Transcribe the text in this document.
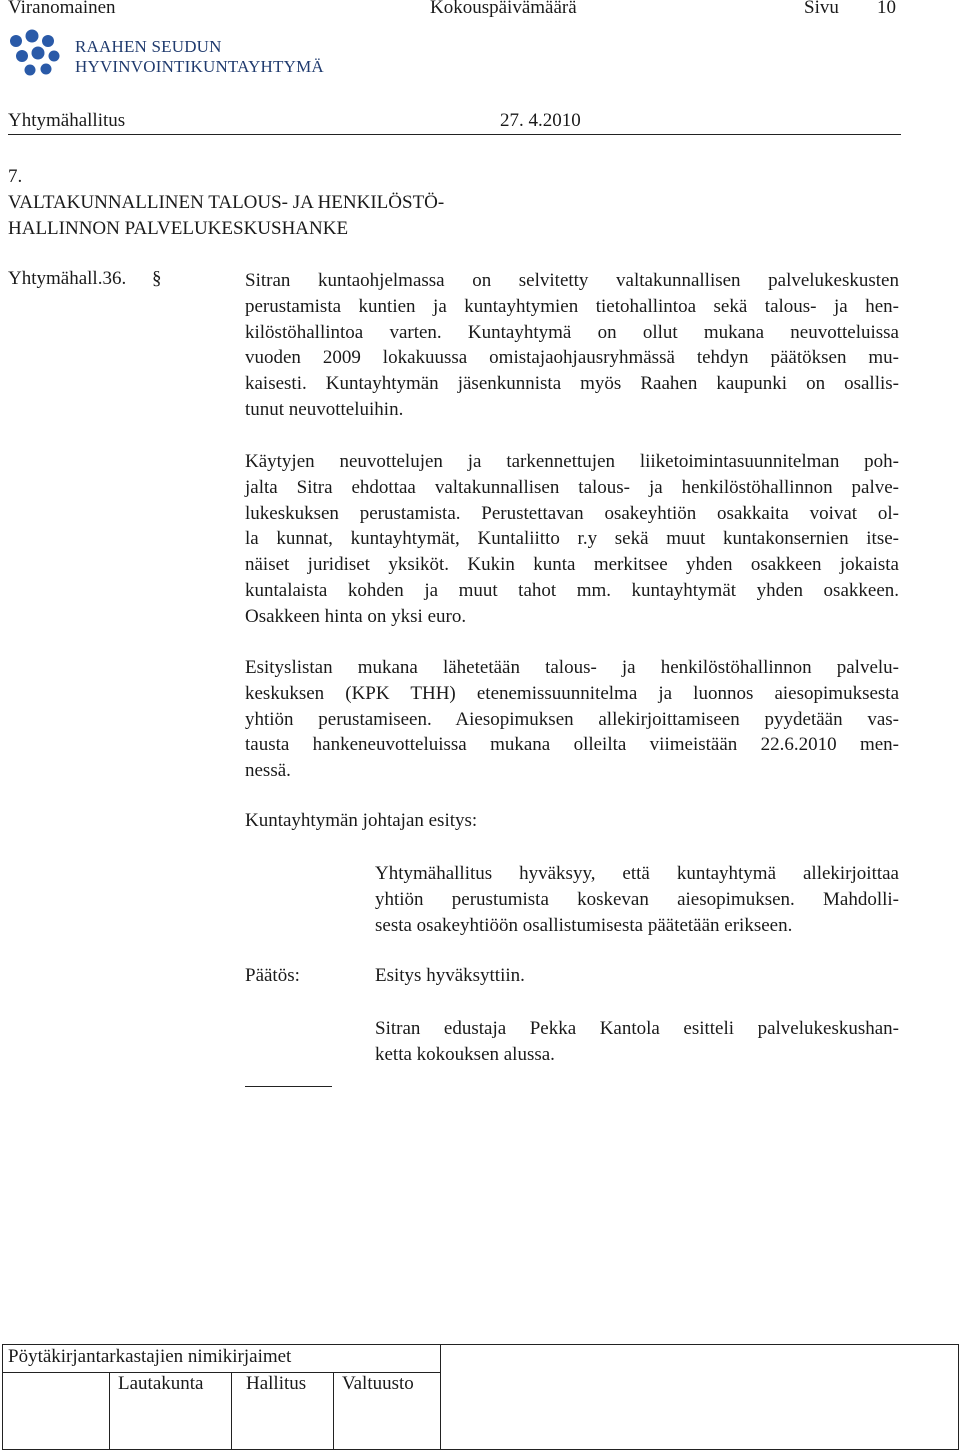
Viranomainen	Kokouspäivämäärä	Sivu 10
RAAHEN SEUDUN
HYVINVOINTIKUNTAYHTYMÄ
Yhtymähallitus	27. 4.2010
7.
VALTAKUNNALLINEN TALOUS- JA HENKILÖSTÖ-
HALLINNON PALVELUKESKUSHANKE
Yhtymähall.36. §	Sitran kuntaohjelmassa on selvitetty valtakunnallisen palvelukeskusten
perustamista kuntien ja kuntayhtymien tietohallintoa sekä talous- ja hen-
kilöstöhallintoa varten. Kuntayhtymä on ollut mukana neuvotteluissa
vuoden 2009 lokakuussa omistajaohjausryhmässä tehdyn päätöksen mu-
kaisesti. Kuntayhtymän jäsenkunnista myös Raahen kaupunki on osallis-
tunut neuvotteluihin.
Käytyjen neuvottelujen ja tarkennettujen liiketoimintasuunnitelman poh-
jalta Sitra ehdottaa valtakunnallisen talous- ja henkilöstöhallinnon palve-
lukeskuksen perustamista. Perustettavan osakeyhtiön osakkaita voivat ol-
la kunnat, kuntayhtymät, Kuntaliitto r.y sekä muut kuntakonsernien itse-
näiset juridiset yksiköt. Kukin kunta merkitsee yhden osakkeen jokaista
kuntalaista kohden ja muut tahot mm. kuntayhtymät yhden osakkeen.
Osakkeen hinta on yksi euro.
Esityslistan mukana lähetetään talous- ja henkilöstöhallinnon palvelu-
keskuksen (KPK THH) etenemissuunnitelma ja luonnos aiesopimuksesta
yhtiön perustamiseen. Aiesopimuksen allekirjoittamiseen pyydetään vas-
tausta hankeneuvotteluissa mukana olleilta viimeistään 22.6.2010 men-
nessä.
Kuntayhtymän johtajan esitys:
Yhtymähallitus hyväksyy, että kuntayhtymä allekirjoittaa
yhtiön perustumista koskevan aiesopimuksen. Mahdolli-
sesta osakeyhtiöön osallistumisesta päätetään erikseen.
Päätös:	Esitys hyväksyttiin.
Sitran edustaja Pekka Kantola esitteli palvelukeskushan-
ketta kokouksen alussa.
Pöytäkirjantarkastajien nimikirjaimet
Lautakunta Hallitus Valtuusto
